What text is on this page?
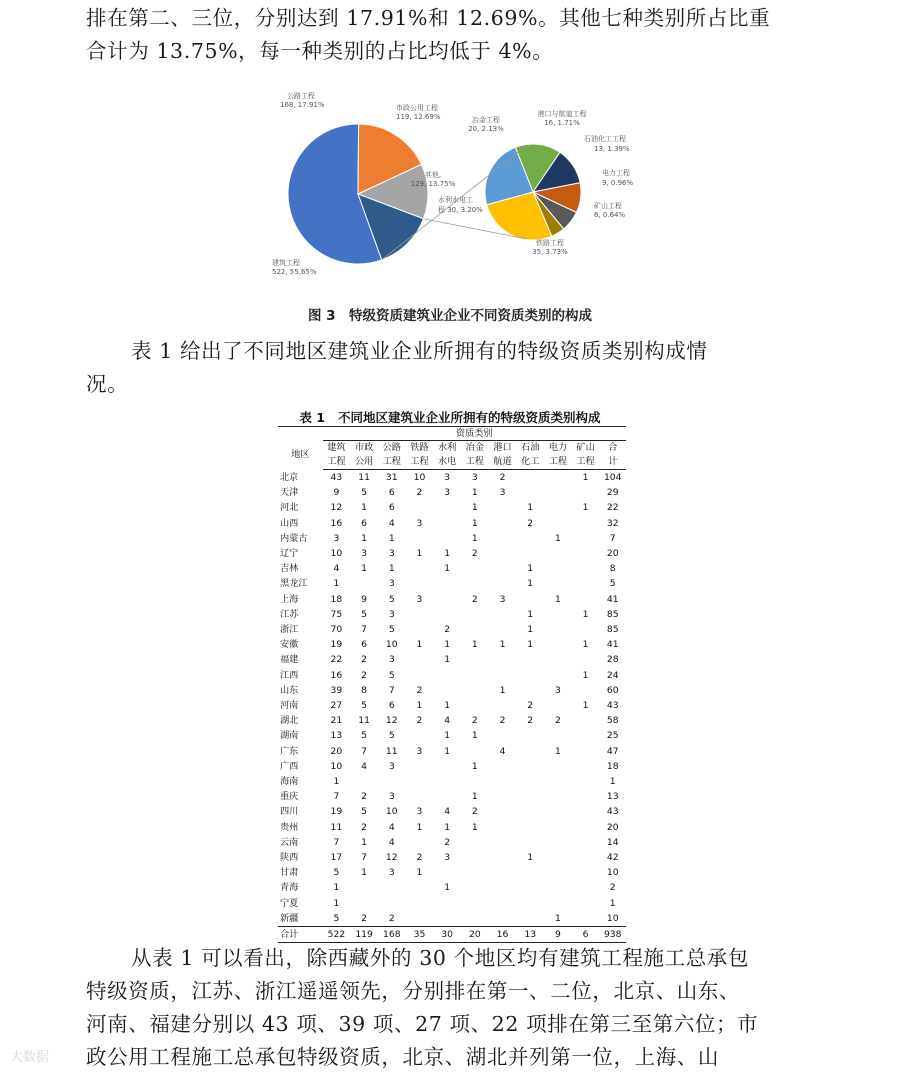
排在第二、三位，分别达到 17.91%和 12.69%。其他七种类别所占比重
合计为 13.75%，每一种类别的占比均低于 4%。

建筑工程
522, 55.65%
公路工程
168, 17.91%	市政公用工程
119, 12.69%
其他,
129, 13.75%
冶金工程
20, 2.13%
港口与航道工程
16, 1.71%
石油化工工程
13, 1.39%
电力工程
9, 0.96%
矿山工程
6, 0.64%
铁路工程
35, 3.73%
水利水电工
程 30, 3.20%
图 3　特级资质建筑业企业不同资质类别的构成

表 1 给出了不同地区建筑业企业所拥有的特级资质类别构成情
况。

表 1 不同地区建筑业企业所拥有的特级资质类别构成
	资质类别										
地区	建筑	市政	公路	铁路	水利	冶金	港口	石油	电力	矿山	合
	工程	公用	工程	工程	水电	工程	航道	化工	工程	工程	计
北京	43	11	31	10	3	3	2			1	104
天津	9	5	6	2	3	1	3				29
河北	12	1	6			1		1		1	22
山西	16	6	4	3		1		2			32
内蒙古	3	1	1			1			1		7
辽宁	10	3	3	1	1	2					20
吉林	4	1	1		1			1			8
黑龙江	1		3					1			5
上海	18	9	5	3		2	3		1		41
江苏	75	5	3					1		1	85
浙江	70	7	5		2			1			85
安徽	19	6	10	1	1	1	1	1		1	41
福建	22	2	3		1						28
江西	16	2	5							1	24
山东	39	8	7	2			1		3		60
河南	27	5	6	1	1			2		1	43
湖北	21	11	12	2	4	2	2	2	2		58
湖南	13	5	5		1	1					25
广东	20	7	11	3	1		4		1		47
广西	10	4	3			1					18
海南	1										1
重庆	7	2	3			1					13
四川	19	5	10	3	4	2					43
贵州	11	2	4	1	1	1					20
云南	7	1	4		2						14
陕西	17	7	12	2	3			1			42
甘肃	5	1	3	1							10
青海	1				1						2
宁夏	1										1
新疆	5	2	2						1		10
合计	522	119	168	35	30	20	16	13	9	6	938

从表 1 可以看出，除西藏外的 30 个地区均有建筑工程施工总承包
特级资质，江苏、浙江遥遥领先，分别排在第一、二位，北京、山东、
河南、福建分别以 43 项、39 项、27 项、22 项排在第三至第六位；市
政公用工程施工总承包特级资质，北京、湖北并列第一位，上海、山

大数据
